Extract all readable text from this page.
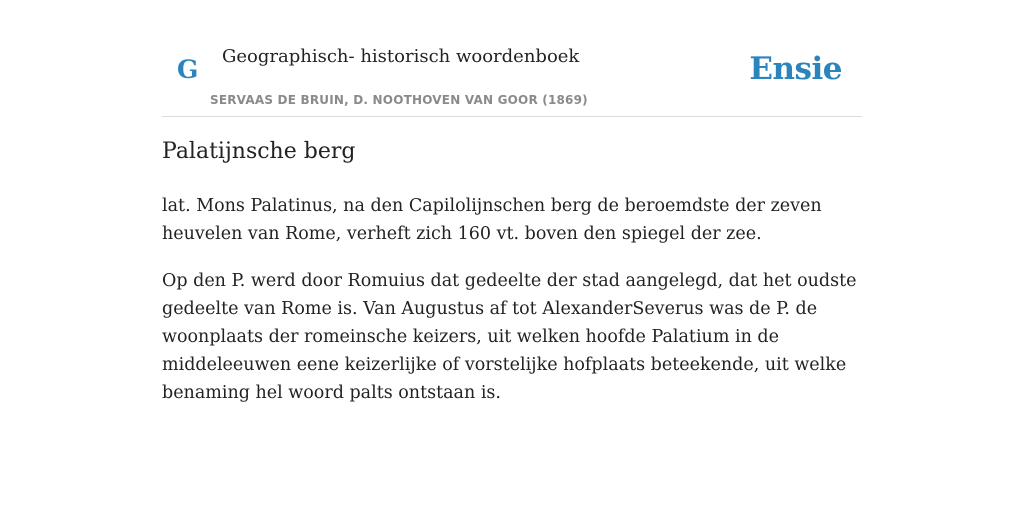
G Geographisch- historisch woordenboek
SERVAAS DE BRUIN, D. NOOTHOVEN VAN GOOR (1869)
Ensie
Palatijnsche berg

lat. Mons Palatinus, na den Capilolijnschen berg de beroemdste der zeven heuvelen van Rome, verheft zich 160 vt. boven den spiegel der zee.

Op den P. werd door Romuius dat gedeelte der stad aangelegd, dat het oudste gedeelte van Rome is. Van Augustus af tot AlexanderSeverus was de P. de woonplaats der romeinsche keizers, uit welken hoofde Palatium in de middeleeuwen eene keizerlijke of vorstelijke hofplaats beteekende, uit welke benaming hel woord palts ontstaan is.
